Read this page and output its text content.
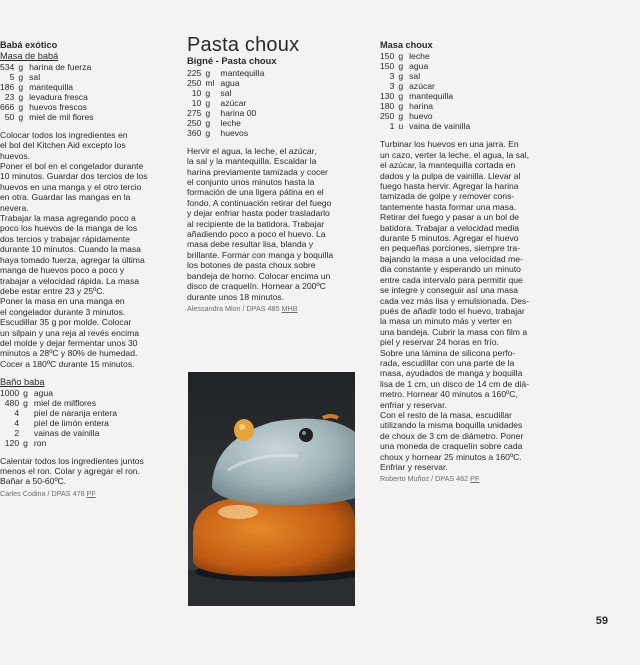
Babá exótico
Masa de babá
534	g	harina de fuerza
5	g	sal
186	g	mantequilla
23	g	levadura fresca
666	g	huevos frescos
50	g	miel de mil flores

Colocar todos los ingredientes en

el bol del Kitchen Aid excepto los

huevos.

Poner el bol en el congelador durante

10 minutos. Guardar dos tercios de los

huevos en una manga y el otro tercio

en otra. Guardar las mangas en la

nevera.

Trabajar la masa agregando poco a

poco los huevos de la manga de los

dos tercios y trabajar rápidamente

durante 10 minutos. Cuando la masa

haya tomado fuerza, agregar la última

manga de huevos poco a poco y

trabajar a velocidad rápida. La masa

debe estar entre 23 y 25ºC.

Poner la masa en una manga en

el congelador durante 3 minutos.

Escudillar 35 g por molde. Colocar

un silpain y una reja al revés encima

del molde y dejar fermentar unos 30

minutos a 28ºC y 80% de humedad.

Cocer a 180ºC durante 15 minutos.

Baño baba
1000	g	agua
480	g	miel de milflores
4		piel de naranja entera
4		piel de limón entera
2		vainas de vainilla
120	g	ron

Calentar todos los ingredientes juntos

menos el ron. Colar y agregar el ron.

Bañar a 50-60ºC.

Carles Codina / DPAS 478 PF
Pasta choux
Bigné - Pasta choux
225	g	mantequilla
250	ml	agua
10	g	sal
10	g	azúcar
275	g	harina 00
250	g	leche
360	g	huevos

Hervir el agua, la leche, el azúcar,

la sal y la mantequilla. Escaldar la

harina previamente tamizada y cocer

el conjunto unos minutos hasta la

formación de una ligera pátina en el

fondo. A continuación retirar del fuego

y dejar enfriar hasta poder trasladarlo

al recipiente de la batidora. Trabajar

añadiendo poco a poco el huevo. La

masa debe resultar lisa, blanda y

brillante. Formar con manga y boquilla

los botones de pasta choux sobre

bandeja de horno. Colocar encima un

disco de craquelín. Hornear a 200ºC

durante unos 18 minutos.

Alessandra Mion / DPAS 485 MHB
Masa choux
150	g	leche
150	g	agua
3	g	sal
3	g	azúcar
130	g	mantequilla
180	g	harina
250	g	huevo
1	u	vaina de vainilla

Turbinar los huevos en una jarra. En

un cazo, verter la leche, el agua, la sal,

el azúcar, la mantequilla cortada en

dados y la pulpa de vainilla. Llevar al

fuego hasta hervir. Agregar la harina

tamizada de golpe y remover cons-

tantemente hasta formar una masa.

Retirar del fuego y pasar a un bol de

batidora. Trabajar a velocidad media

durante 5 minutos. Agregar el huevo

en pequeñas porciones, siempre tra-

bajando la masa a una velocidad me-

dia constante y esperando un minuto

entre cada intervalo para permitir que

se integre y conseguir así una masa

cada vez más lisa y emulsionada. Des-

pués de añadir todo el huevo, trabajar

la masa un minuto más y verter en

una bandeja. Cubrir la masa con film a

piel y reservar 24 horas en frío.

Sobre una lámina de silicona perfo-

rada, escudillar con una parte de la

masa, ayudados de manga y boquilla

lisa de 1 cm, un disco de 14 cm de diá-

metro. Hornear 40 minutos a 160ºC,

enfriar y reservar.

Con el resto de la masa, escudillar

utilizando la misma boquilla unidades

de choux de 3 cm de diámetro. Poner

una moneda de craquelín sobre cada

choux y hornear 25 minutos a 160ºC.

Enfriar y reservar.

Roberto Muñoz / DPAS 482 PF
59
